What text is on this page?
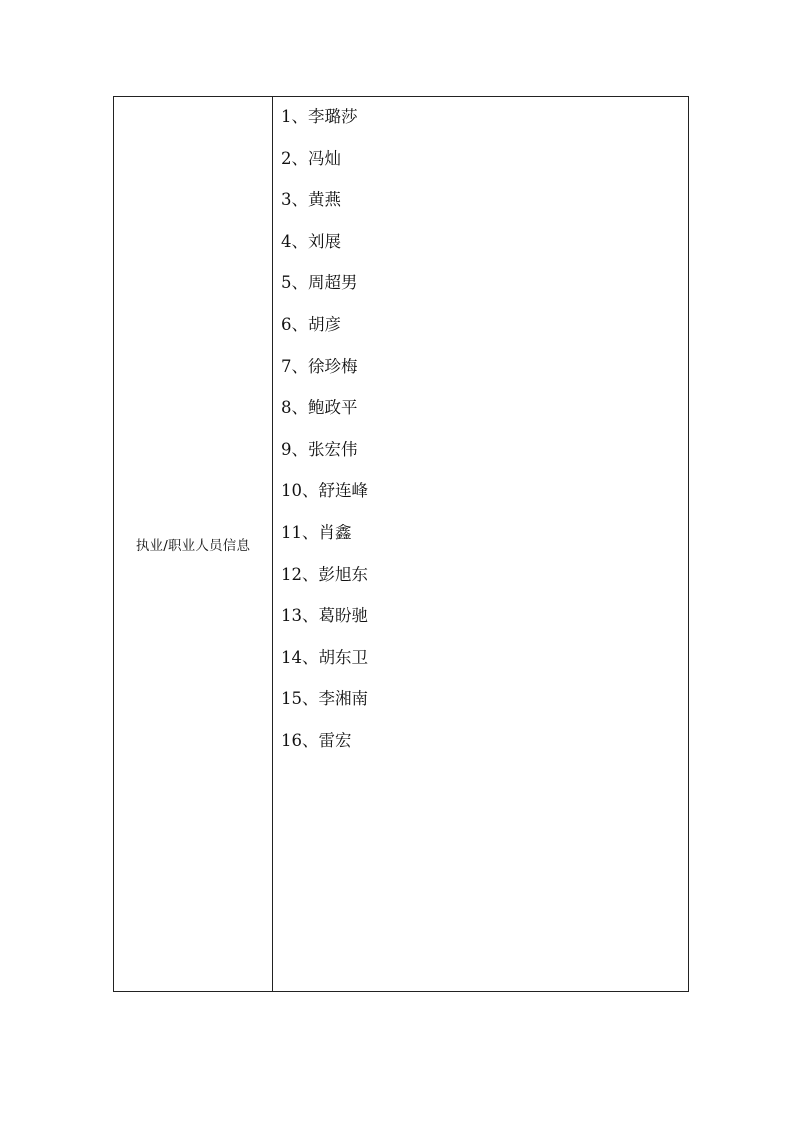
执业/职业人员信息
1、李璐莎
2、冯灿
3、黄燕
4、刘展
5、周超男
6、胡彦
7、徐珍梅
8、鲍政平
9、张宏伟
10、舒连峰
11、肖鑫
12、彭旭东
13、葛盼驰
14、胡东卫
15、李湘南
16、雷宏
